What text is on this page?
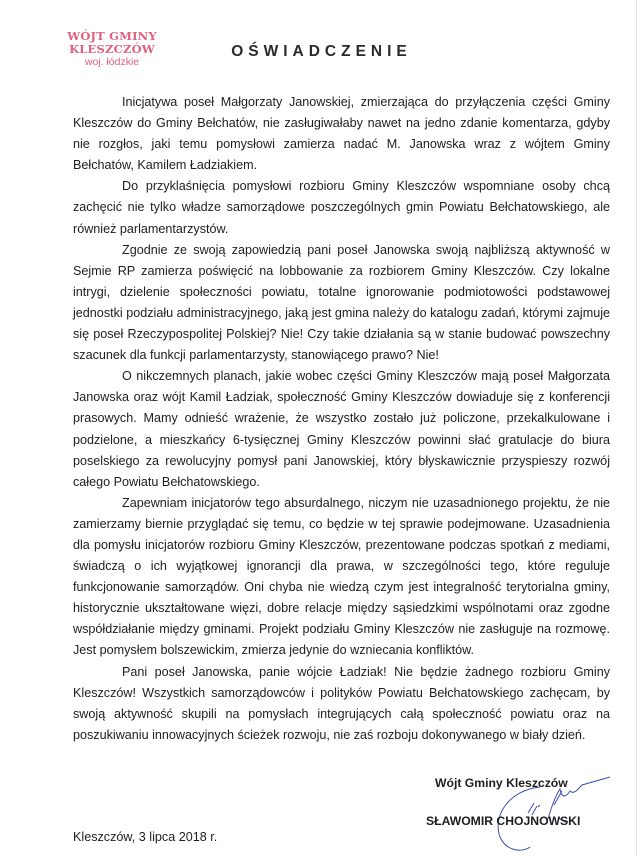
WÓJT GMINY
KLESZCZÓW
woj. łódzkie
OŚWIADCZENIE

Inicjatywa poseł Małgorzaty Janowskiej, zmierzająca do przyłączenia części Gminy Kleszczów do Gminy Bełchatów, nie zasługiwałaby nawet na jedno zdanie komentarza, gdyby nie rozgłos, jaki temu pomysłowi zamierza nadać M. Janowska wraz z wójtem Gminy Bełchatów, Kamilem Ładziakiem.

Do przyklaśnięcia pomysłowi rozbioru Gminy Kleszczów wspomniane osoby chcą zachęcić nie tylko władze samorządowe poszczególnych gmin Powiatu Bełchatowskiego, ale również parlamentarzystów.

Zgodnie ze swoją zapowiedzią pani poseł Janowska swoją najbliższą aktywność w Sejmie RP zamierza poświęcić na lobbowanie za rozbiorem Gminy Kleszczów. Czy lokalne intrygi, dzielenie społeczności powiatu, totalne ignorowanie podmiotowości podstawowej jednostki podziału administracyjnego, jaką jest gmina należy do katalogu zadań, którymi zajmuje się poseł Rzeczypospolitej Polskiej? Nie! Czy takie działania są w stanie budować powszechny szacunek dla funkcji parlamentarzysty, stanowiącego prawo? Nie!

O nikczemnych planach, jakie wobec części Gminy Kleszczów mają poseł Małgorzata Janowska oraz wójt Kamil Ładziak, społeczność Gminy Kleszczów dowiaduje się z konferencji prasowych. Mamy odnieść wrażenie, że wszystko zostało już policzone, przekalkulowane i podzielone, a mieszkańcy 6-tysięcznej Gminy Kleszczów powinni słać gratulacje do biura poselskiego za rewolucyjny pomysł pani Janowskiej, który błyskawicznie przyspieszy rozwój całego Powiatu Bełchatowskiego.

Zapewniam inicjatorów tego absurdalnego, niczym nie uzasadnionego projektu, że nie zamierzamy biernie przyglądać się temu, co będzie w tej sprawie podejmowane. Uzasadnienia dla pomysłu inicjatorów rozbioru Gminy Kleszczów, prezentowane podczas spotkań z mediami, świadczą o ich wyjątkowej ignorancji dla prawa, w szczególności tego, które reguluje funkcjonowanie samorządów. Oni chyba nie wiedzą czym jest integralność terytorialna gminy, historycznie ukształtowane więzi, dobre relacje między sąsiedzkimi wspólnotami oraz zgodne współdziałanie między gminami. Projekt podziału Gminy Kleszczów nie zasługuje na rozmowę. Jest pomysłem bolszewickim, zmierza jedynie do wzniecania konfliktów.

Pani poseł Janowska, panie wójcie Ładziak! Nie będzie żadnego rozbioru Gminy Kleszczów! Wszystkich samorządowców i polityków Powiatu Bełchatowskiego zachęcam, by swoją aktywność skupili na pomysłach integrujących całą społeczność powiatu oraz na poszukiwaniu innowacyjnych ścieżek rozwoju, nie zaś rozboju dokonywanego w biały dzień.

Wójt Gminy Kleszczów
SŁAWOMIR CHOJNOWSKI
Kleszczów, 3 lipca 2018 r.
